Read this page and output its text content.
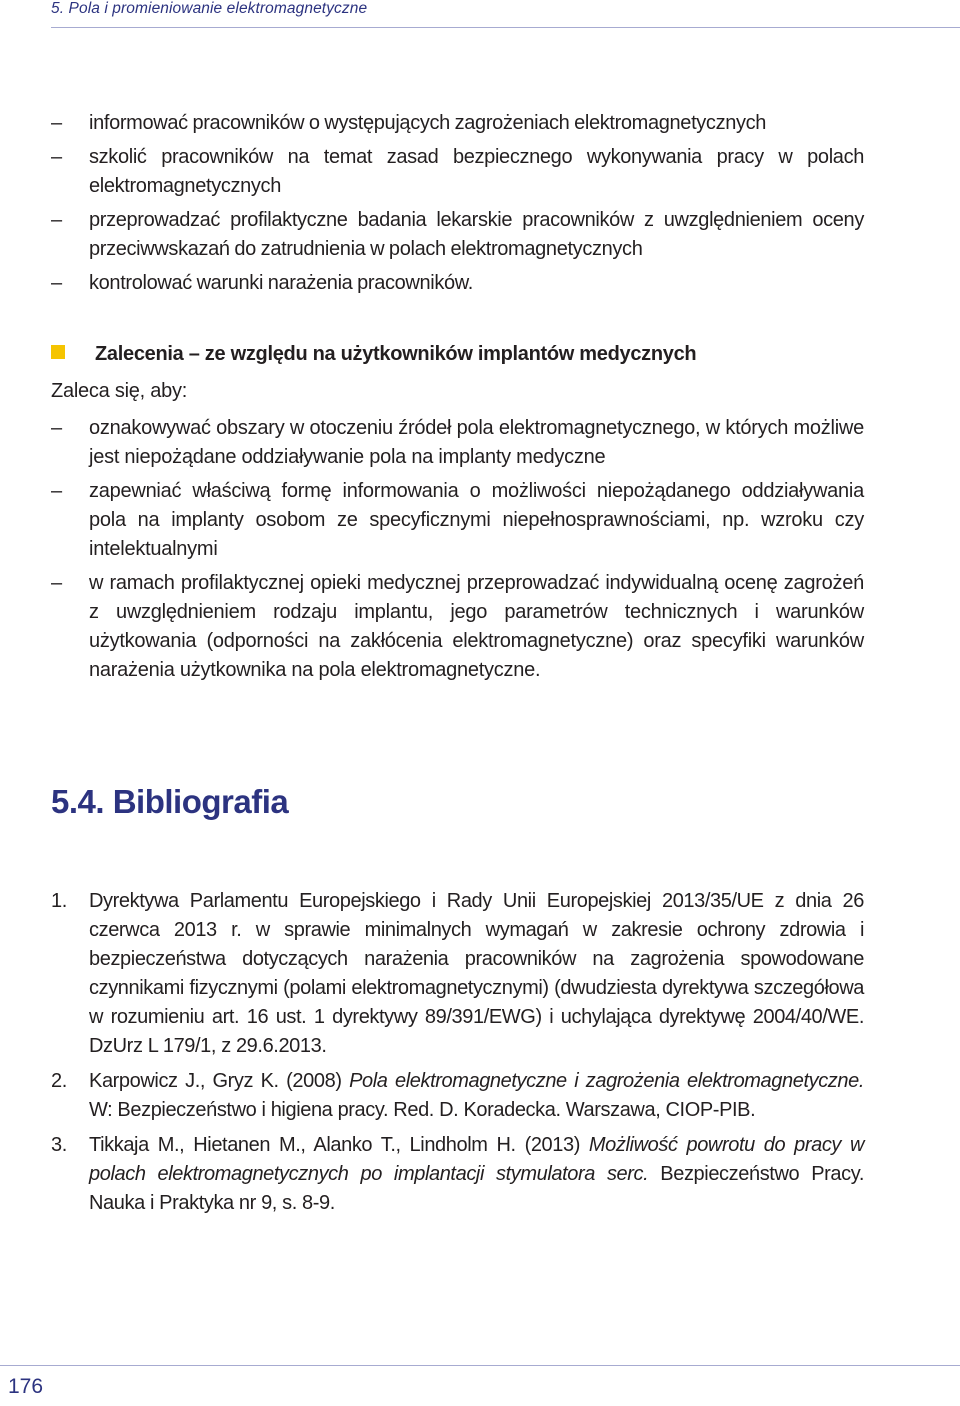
5. Pola i promieniowanie elektromagnetyczne
–	informować pracowników o występujących zagrożeniach elektromagnetycznych
–	szkolić pracowników na temat zasad bezpiecznego wykonywania pracy w polach elektromagnetycznych
–	przeprowadzać profilaktyczne badania lekarskie pracowników z uwzględnieniem oceny przeciwwskazań do zatrudnienia w polach elektromagnetycznych
–	kontrolować warunki narażenia pracowników.
Zalecenia – ze względu na użytkowników implantów medycznych
Zaleca się, aby:
–	oznakowywać obszary w otoczeniu źródeł pola elektromagnetycznego, w których możliwe jest niepożądane oddziaływanie pola na implanty medyczne
–	zapewniać właściwą formę informowania o możliwości niepożądanego oddziaływania pola na implanty osobom ze specyficznymi niepełnosprawnościami, np. wzroku czy intelektualnymi
–	w ramach profilaktycznej opieki medycznej przeprowadzać indywidualną ocenę zagrożeń z uwzględnieniem rodzaju implantu, jego parametrów technicznych i warunków użytkowania (odporności na zakłócenia elektromagnetyczne) oraz specyfiki warunków narażenia użytkownika na pola elektromagnetyczne.
5.4. Bibliografia
1. Dyrektywa Parlamentu Europejskiego i Rady Unii Europejskiej 2013/35/UE z dnia 26 czerwca 2013 r. w sprawie minimalnych wymagań w zakresie ochrony zdrowia i bezpieczeństwa dotyczących narażenia pracowników na zagrożenia spowodowane czynnikami fizycznymi (polami elektromagnetycznymi) (dwudziesta dyrektywa szczegółowa w rozumieniu art. 16 ust. 1 dyrektywy 89/391/EWG) i uchylająca dyrektywę 2004/40/WE. DzUrz L 179/1, z 29.6.2013.
2. Karpowicz J., Gryz K. (2008) Pola elektromagnetyczne i zagrożenia elektromagnetyczne. W: Bezpieczeństwo i higiena pracy. Red. D. Koradecka. Warszawa, CIOP-PIB.
3. Tikkaja M., Hietanen M., Alanko T., Lindholm H. (2013) Możliwość powrotu do pracy w polach elektromagnetycznych po implantacji stymulatora serc. Bezpieczeństwo Pracy. Nauka i Praktyka nr 9, s. 8-9.
176
